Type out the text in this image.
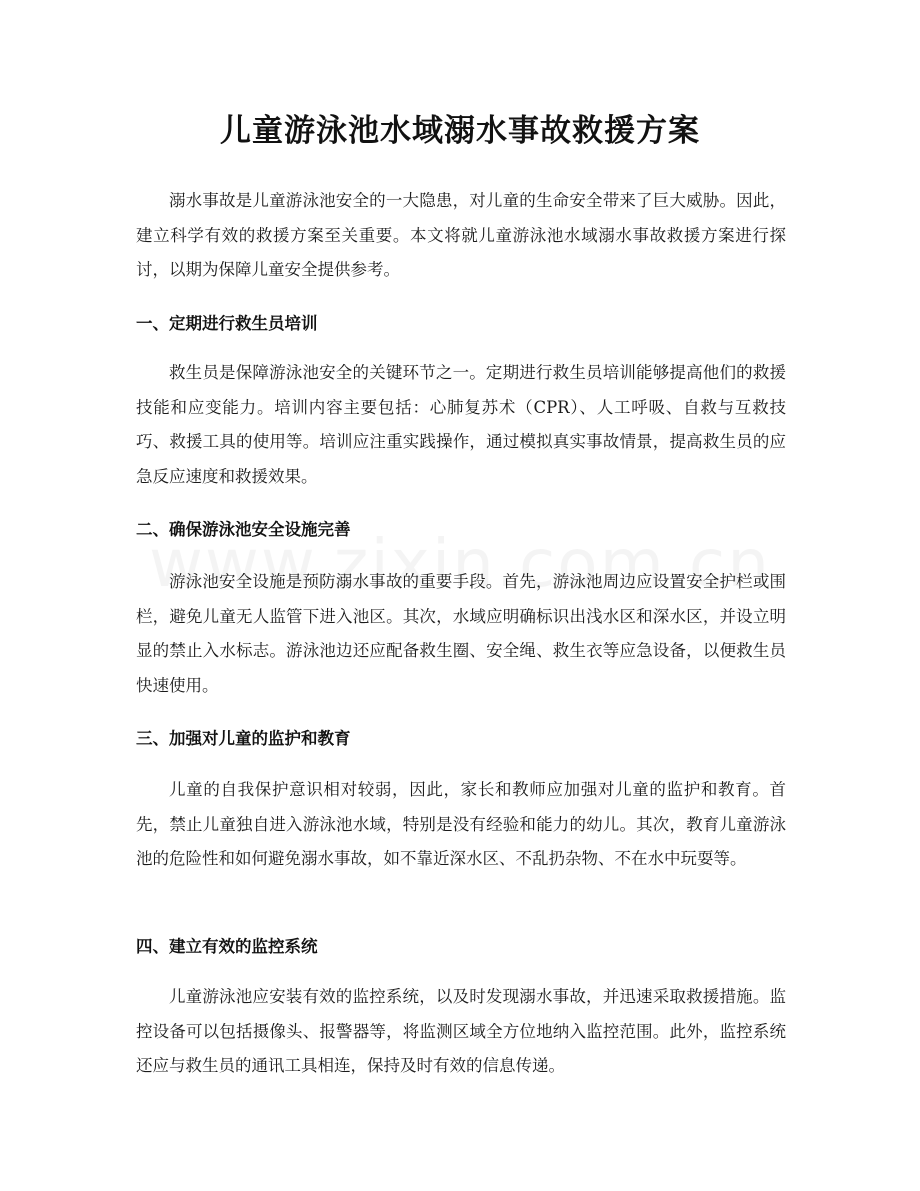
儿童游泳池水域溺水事故救援方案

溺水事故是儿童游泳池安全的一大隐患，对儿童的生命安全带来了巨大威胁。因此，建立科学有效的救援方案至关重要。本文将就儿童游泳池水域溺水事故救援方案进行探讨，以期为保障儿童安全提供参考。

一、定期进行救生员培训

救生员是保障游泳池安全的关键环节之一。定期进行救生员培训能够提高他们的救援技能和应变能力。培训内容主要包括：心肺复苏术（CPR）、人工呼吸、自救与互救技巧、救援工具的使用等。培训应注重实践操作，通过模拟真实事故情景，提高救生员的应急反应速度和救援效果。

二、确保游泳池安全设施完善

游泳池安全设施是预防溺水事故的重要手段。首先，游泳池周边应设置安全护栏或围栏，避免儿童无人监管下进入池区。其次，水域应明确标识出浅水区和深水区，并设立明显的禁止入水标志。游泳池边还应配备救生圈、安全绳、救生衣等应急设备，以便救生员快速使用。

三、加强对儿童的监护和教育

儿童的自我保护意识相对较弱，因此，家长和教师应加强对儿童的监护和教育。首先，禁止儿童独自进入游泳池水域，特别是没有经验和能力的幼儿。其次，教育儿童游泳池的危险性和如何避免溺水事故，如不靠近深水区、不乱扔杂物、不在水中玩耍等。

四、建立有效的监控系统

儿童游泳池应安装有效的监控系统，以及时发现溺水事故，并迅速采取救援措施。监控设备可以包括摄像头、报警器等，将监测区域全方位地纳入监控范围。此外，监控系统还应与救生员的通讯工具相连，保持及时有效的信息传递。
